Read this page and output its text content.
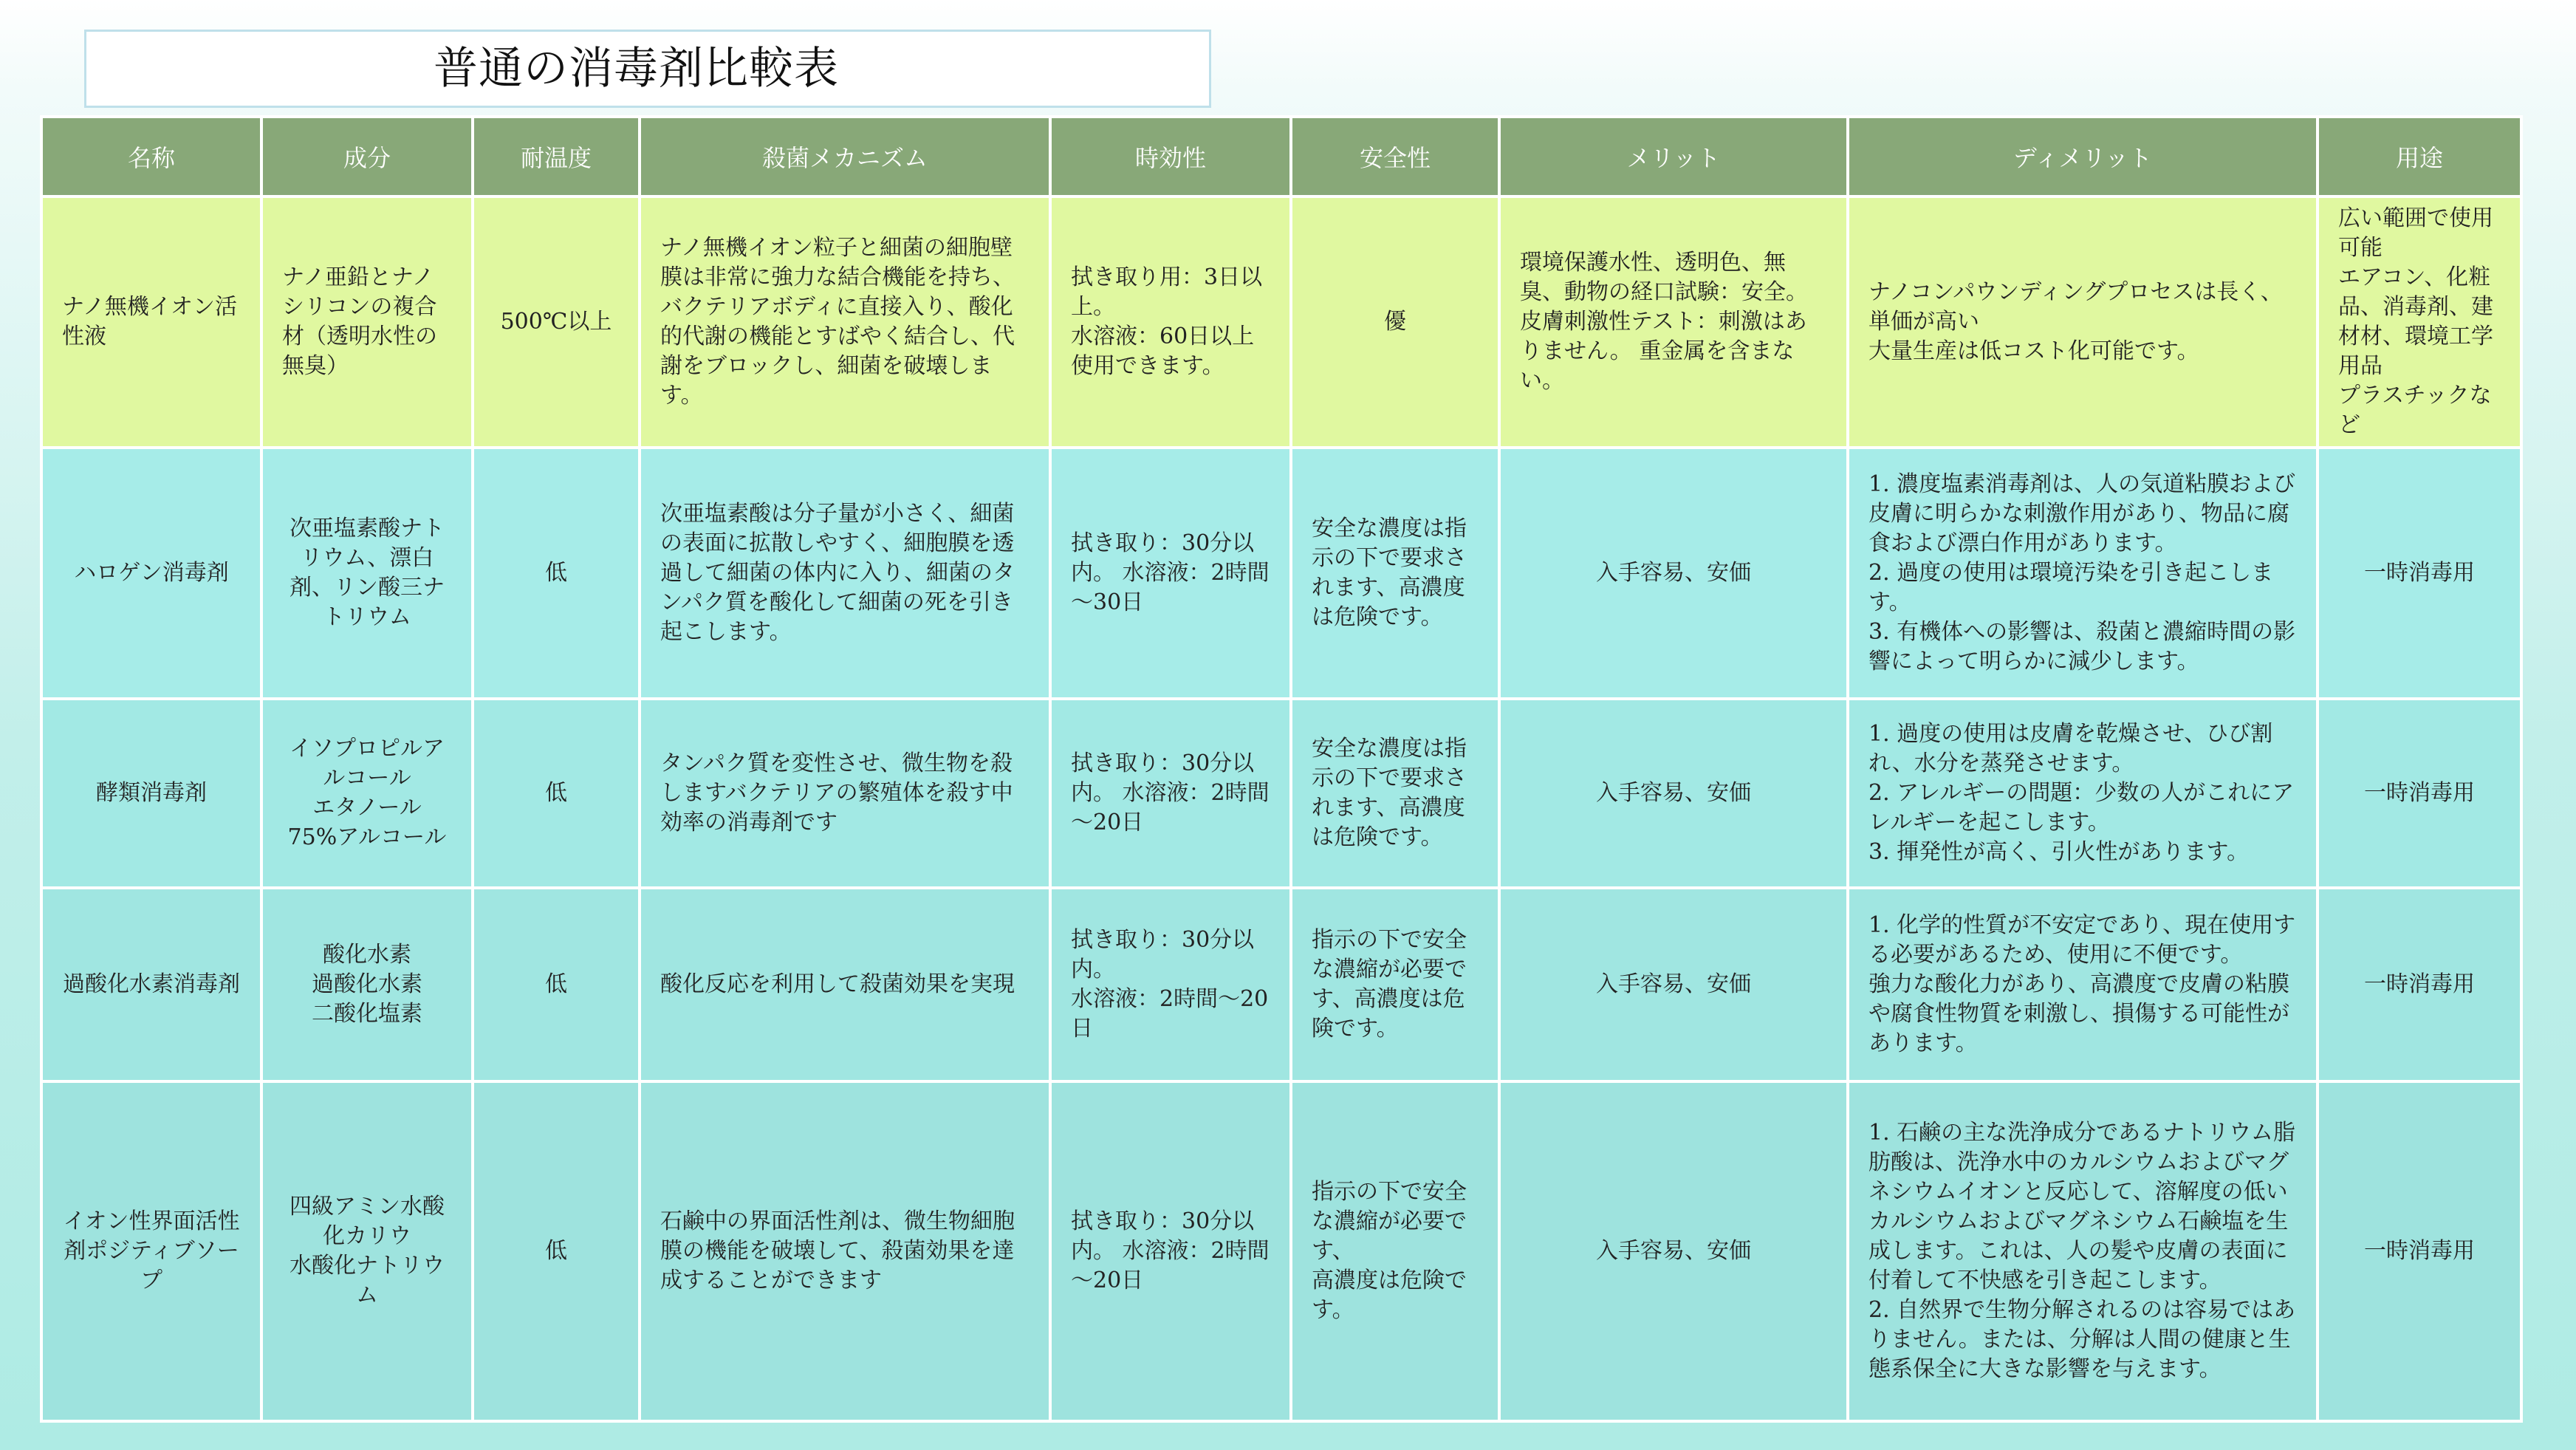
普通の消毒剤比較表
名称	成分	耐温度	殺菌メカニズム	時効性	安全性	メリット	ディメリット	用途
ナノ無機イオン活性液	ナノ亜鉛とナノシリコンの複合材（透明水性の無臭）	500℃以上	ナノ無機イオン粒子と細菌の細胞壁膜は非常に強力な結合機能を持ち、バクテリアボディに直接入り、酸化的代謝の機能とすばやく結合し、代謝をブロックし、細菌を破壊します。	拭き取り用：3日以上。
水溶液：60日以上使用できます。	優	環境保護水性、透明色、無臭、動物の経口試験：安全。皮膚刺激性テスト：刺激はありません。 重金属を含まない。	ナノコンパウンディングプロセスは長く、単価が高い
大量生産は低コスト化可能です。	広い範囲で使用可能
エアコン、化粧品、消毒剤、建材材、環境工学用品
プラスチックなど
ハロゲン消毒剤	次亜塩素酸ナトリウム、漂白剤、リン酸三ナトリウム	低	次亜塩素酸は分子量が小さく、細菌の表面に拡散しやすく、細胞膜を透過して細菌の体内に入り、細菌のタンパク質を酸化して細菌の死を引き起こします。	拭き取り：30分以内。 水溶液：2時間～30日	安全な濃度は指示の下で要求されます、高濃度は危険です。	入手容易、安価	1. 濃度塩素消毒剤は、人の気道粘膜および皮膚に明らかな刺激作用があり、物品に腐食および漂白作用があります。
2. 過度の使用は環境汚染を引き起こします。
3. 有機体への影響は、殺菌と濃縮時間の影響によって明らかに減少します。	一時消毒用
酵類消毒剤	イソプロピルアルコール
エタノール
75%アルコール	低	タンパク質を変性させ、微生物を殺しますバクテリアの繁殖体を殺す中効率の消毒剤です	拭き取り：30分以内。 水溶液：2時間～20日	安全な濃度は指示の下で要求されます、高濃度は危険です。	入手容易、安価	1. 過度の使用は皮膚を乾燥させ、ひび割れ、水分を蒸発させます。
2. アレルギーの問題：少数の人がこれにアレルギーを起こします。
3. 揮発性が高く、引火性があります。	一時消毒用
過酸化水素消毒剤	酸化水素
過酸化水素
二酸化塩素	低	酸化反応を利用して殺菌効果を実現	拭き取り：30分以内。
水溶液：2時間～20日	指示の下で安全な濃縮が必要です、高濃度は危険です。	入手容易、安価	1. 化学的性質が不安定であり、現在使用する必要があるため、使用に不便です。
強力な酸化力があり、高濃度で皮膚の粘膜や腐食性物質を刺激し、損傷する可能性があります。	一時消毒用
イオン性界面活性剤ポジティブソープ	四級アミン水酸化カリウ
水酸化ナトリウム	低	石鹸中の界面活性剤は、微生物細胞膜の機能を破壊して、殺菌効果を達成することができます	拭き取り：30分以内。 水溶液：2時間～20日	指示の下で安全な濃縮が必要です、
高濃度は危険です。	入手容易、安価	1. 石鹸の主な洗浄成分であるナトリウム脂肪酸は、洗浄水中のカルシウムおよびマグネシウムイオンと反応して、溶解度の低いカルシウムおよびマグネシウム石鹸塩を生成します。これは、人の髪や皮膚の表面に付着して不快感を引き起こします。
2. 自然界で生物分解されるのは容易ではありません。または、分解は人間の健康と生態系保全に大きな影響を与えます。	一時消毒用
